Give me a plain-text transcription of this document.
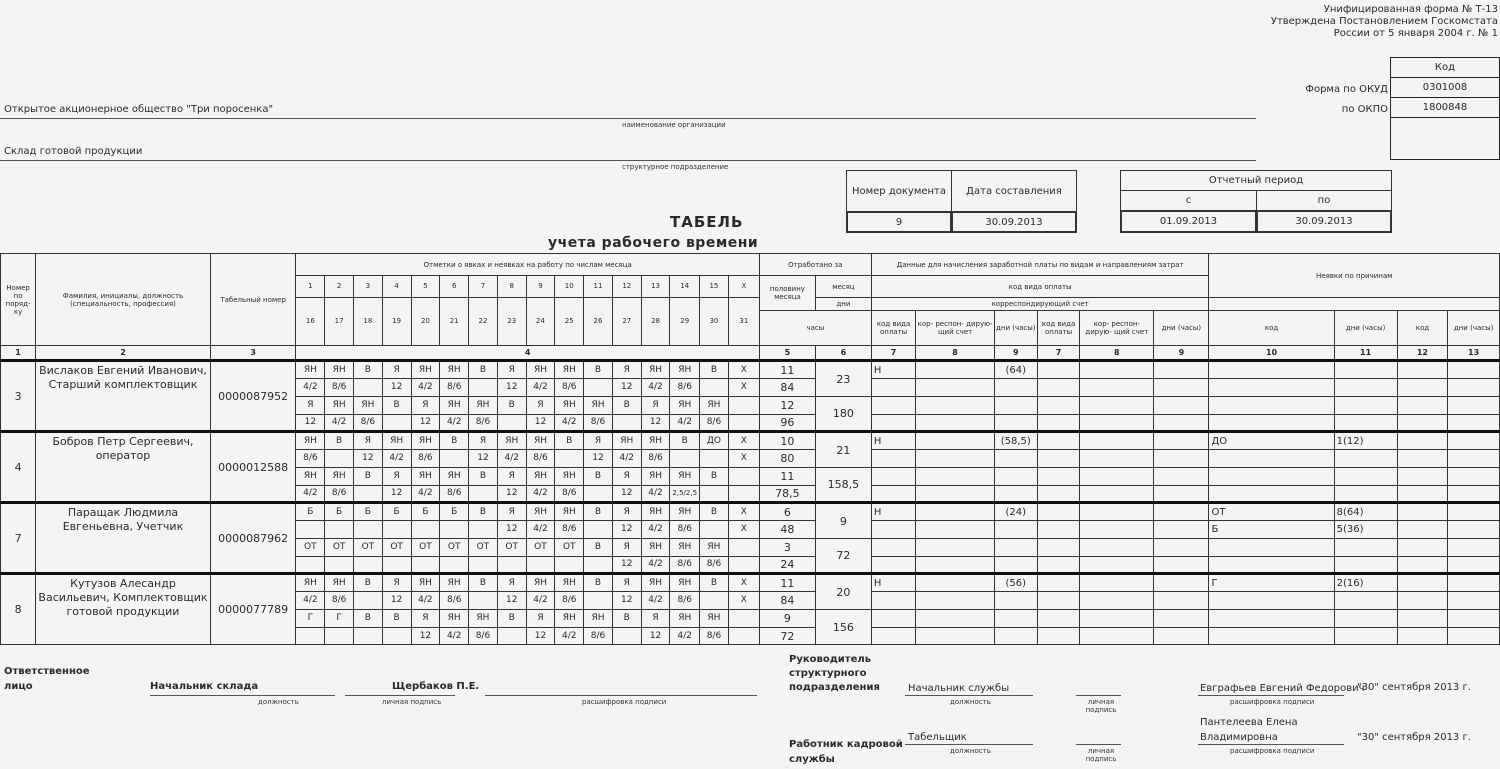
Унифицированная форма № Т-13
Утверждена Постановлением Госкомстата
России от 5 января 2004 г. № 1
Код
0301008
1800848
Форма по ОКУД
по ОКПО
Открытое акционерное общество "Три поросенка"
наименование организации
Склад готовой продукции
структурное подразделение
Номер документа	Дата составления
9	30.09.2013
Отчетный период
с	по
01.09.2013	30.09.2013
ТАБЕЛЬ
учета рабочего времени
Номер по поряд- ку	Фамилия, инициалы, должность (специальность, профессия)	Табельный номер	Отметки о явках и неявках на работу по числам месяца																Отработано за		Данные для начисления заработной платы по видам и направлениям затрат						Неявки по причинам			
			1	2	3	4	5	6	7	8	9	10	11	12	13	14	15	X	половину месяца	месяц	код вида оплаты									
			16	17	18	19	20	21	22	23	24	25	26	27	28	29	30	31		дни	корреспондирующий счет									
																			часы		код вида оплаты	кор- респон- дирую- щий счет	дни (часы)	код вида оплаты	кор- респон- дирую- щий счет	дни (часы)	код	дни (часы)	код	дни (часы)
1	2	3	4																5	6	7	8	9	7	8	9	10	11	12	13
3	Вислаков Евгений Иванович, Старший комплектовщик	0000087952	ЯН	ЯН	В	Я	ЯН	ЯН	В	Я	ЯН	ЯН	В	Я	ЯН	ЯН	В	X	11	23	Н		(64)							
			4/2	8/6		12	4/2	8/6		12	4/2	8/6		12	4/2	8/6		X	84											
			Я	ЯН	ЯН	В	Я	ЯН	ЯН	В	Я	ЯН	ЯН	В	Я	ЯН	ЯН		12	180										
			12	4/2	8/6		12	4/2	8/6		12	4/2	8/6		12	4/2	8/6		96											
4	Бобров Петр Сергеевич, оператор	0000012588	ЯН	В	Я	ЯН	ЯН	В	Я	ЯН	ЯН	В	Я	ЯН	ЯН	В	ДО	X	10	21	Н		(58,5)				ДО	1(12)		
			8/6		12	4/2	8/6		12	4/2	8/6		12	4/2	8/6			X	80											
			ЯН	ЯН	В	Я	ЯН	ЯН	В	Я	ЯН	ЯН	В	Я	ЯН	ЯН	В		11	158,5										
			4/2	8/6		12	4/2	8/6		12	4/2	8/6		12	4/2	2,5/2,5			78,5											
7	Паращак Людмила Евгеньевна, Учетчик	0000087962	Б	Б	Б	Б	Б	Б	В	Я	ЯН	ЯН	В	Я	ЯН	ЯН	В	X	6	9	Н		(24)				ОТ	8(64)		
										12	4/2	8/6		12	4/2	8/6		X	48								Б	5(36)		
			ОТ	ОТ	ОТ	ОТ	ОТ	ОТ	ОТ	ОТ	ОТ	ОТ	В	Я	ЯН	ЯН	ЯН		3	72										
														12	4/2	8/6	8/6		24											
8	Кутузов Алесандр Васильевич, Комплектовщик готовой продукции	0000077789	ЯН	ЯН	В	Я	ЯН	ЯН	В	Я	ЯН	ЯН	В	Я	ЯН	ЯН	В	X	11	20	Н		(56)				Г	2(16)		
			4/2	8/6		12	4/2	8/6		12	4/2	8/6		12	4/2	8/6		X	84											
			Г	Г	В	В	Я	ЯН	ЯН	В	Я	ЯН	ЯН	В	Я	ЯН	ЯН		9	156										
							12	4/2	8/6		12	4/2	8/6		12	4/2	8/6		72											
Ответственное
лицо	Начальник склада
должность	личная подпись
Щербаков П.Е.
расшифровка подписи
Руководитель
структурного
подразделения	Начальник службы
должность	личная подпись
Евграфьев Евгений Федорович
расшифровка подписи
"30" сентября 2013 г.
Работник кадровой
службы
Табельщик
должность	личная подпись
Пантелеева Елена
Владимировна
расшифровка подписи
"30" сентября 2013 г.
